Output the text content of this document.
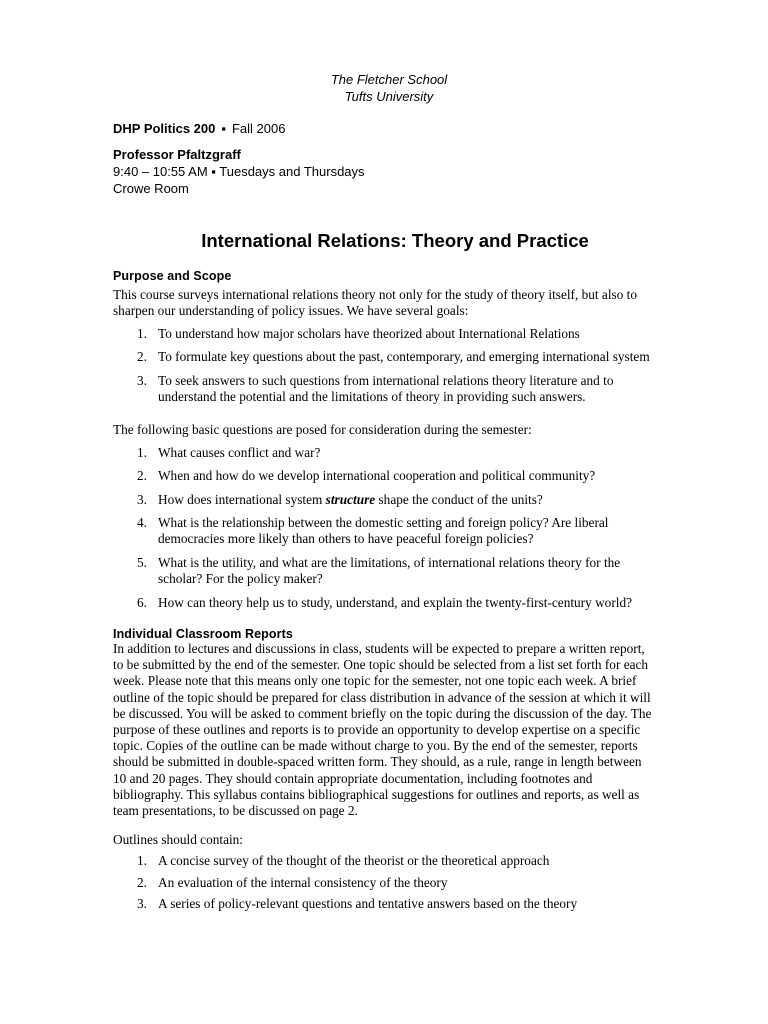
The Fletcher School
Tufts University
DHP Politics 200 ▪ Fall 2006
Professor Pfaltzgraff
9:40 – 10:55 AM ▪ Tuesdays and Thursdays
Crowe Room
International Relations: Theory and Practice
Purpose and Scope
This course surveys international relations theory not only for the study of theory itself, but also to
sharpen our understanding of policy issues. We have several goals:
1. To understand how major scholars have theorized about International Relations
2. To formulate key questions about the past, contemporary, and emerging international system
3. To seek answers to such questions from international relations theory literature and to
understand the potential and the limitations of theory in providing such answers.
The following basic questions are posed for consideration during the semester:
1. What causes conflict and war?
2. When and how do we develop international cooperation and political community?
3. How does international system structure shape the conduct of the units?
4. What is the relationship between the domestic setting and foreign policy? Are liberal
democracies more likely than others to have peaceful foreign policies?
5. What is the utility, and what are the limitations, of international relations theory for the
scholar? For the policy maker?
6. How can theory help us to study, understand, and explain the twenty-first-century world?
Individual Classroom Reports
In addition to lectures and discussions in class, students will be expected to prepare a written report,
to be submitted by the end of the semester. One topic should be selected from a list set forth for each
week. Please note that this means only one topic for the semester, not one topic each week. A brief
outline of the topic should be prepared for class distribution in advance of the session at which it will
be discussed. You will be asked to comment briefly on the topic during the discussion of the day. The
purpose of these outlines and reports is to provide an opportunity to develop expertise on a specific
topic. Copies of the outline can be made without charge to you. By the end of the semester, reports
should be submitted in double-spaced written form. They should, as a rule, range in length between
10 and 20 pages. They should contain appropriate documentation, including footnotes and
bibliography. This syllabus contains bibliographical suggestions for outlines and reports, as well as
team presentations, to be discussed on page 2.
Outlines should contain:
1. A concise survey of the thought of the theorist or the theoretical approach
2. An evaluation of the internal consistency of the theory
3. A series of policy-relevant questions and tentative answers based on the theory
